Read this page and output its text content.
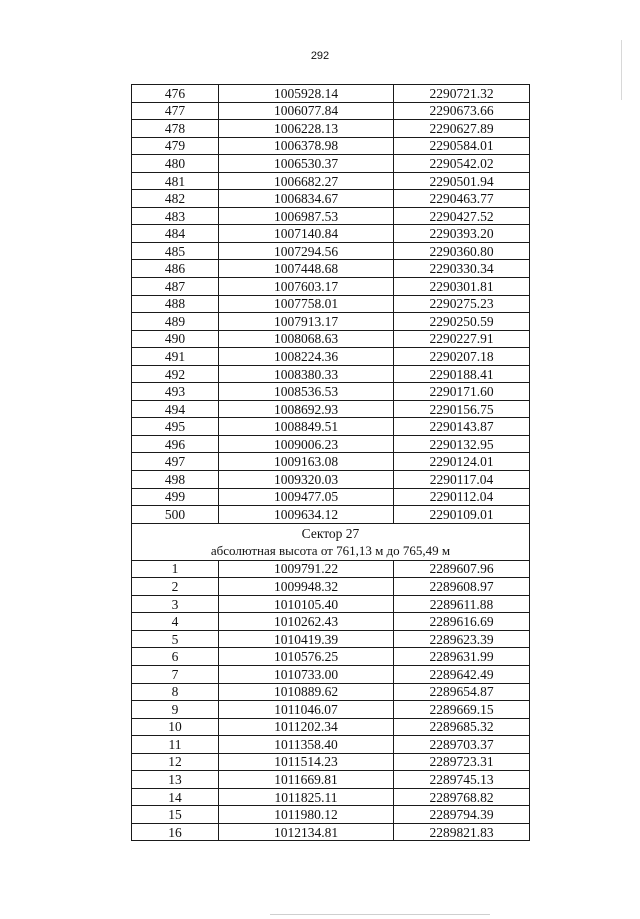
292
476	1005928.14	2290721.32
477	1006077.84	2290673.66
478	1006228.13	2290627.89
479	1006378.98	2290584.01
480	1006530.37	2290542.02
481	1006682.27	2290501.94
482	1006834.67	2290463.77
483	1006987.53	2290427.52
484	1007140.84	2290393.20
485	1007294.56	2290360.80
486	1007448.68	2290330.34
487	1007603.17	2290301.81
488	1007758.01	2290275.23
489	1007913.17	2290250.59
490	1008068.63	2290227.91
491	1008224.36	2290207.18
492	1008380.33	2290188.41
493	1008536.53	2290171.60
494	1008692.93	2290156.75
495	1008849.51	2290143.87
496	1009006.23	2290132.95
497	1009163.08	2290124.01
498	1009320.03	2290117.04
499	1009477.05	2290112.04
500	1009634.12	2290109.01

Сектор 27
абсолютная высота от 761,13 м до 765,49 м		

1	1009791.22	2289607.96
2	1009948.32	2289608.97
3	1010105.40	2289611.88
4	1010262.43	2289616.69
5	1010419.39	2289623.39
6	1010576.25	2289631.99
7	1010733.00	2289642.49
8	1010889.62	2289654.87
9	1011046.07	2289669.15
10	1011202.34	2289685.32
11	1011358.40	2289703.37
12	1011514.23	2289723.31
13	1011669.81	2289745.13
14	1011825.11	2289768.82
15	1011980.12	2289794.39
16	1012134.81	2289821.83
